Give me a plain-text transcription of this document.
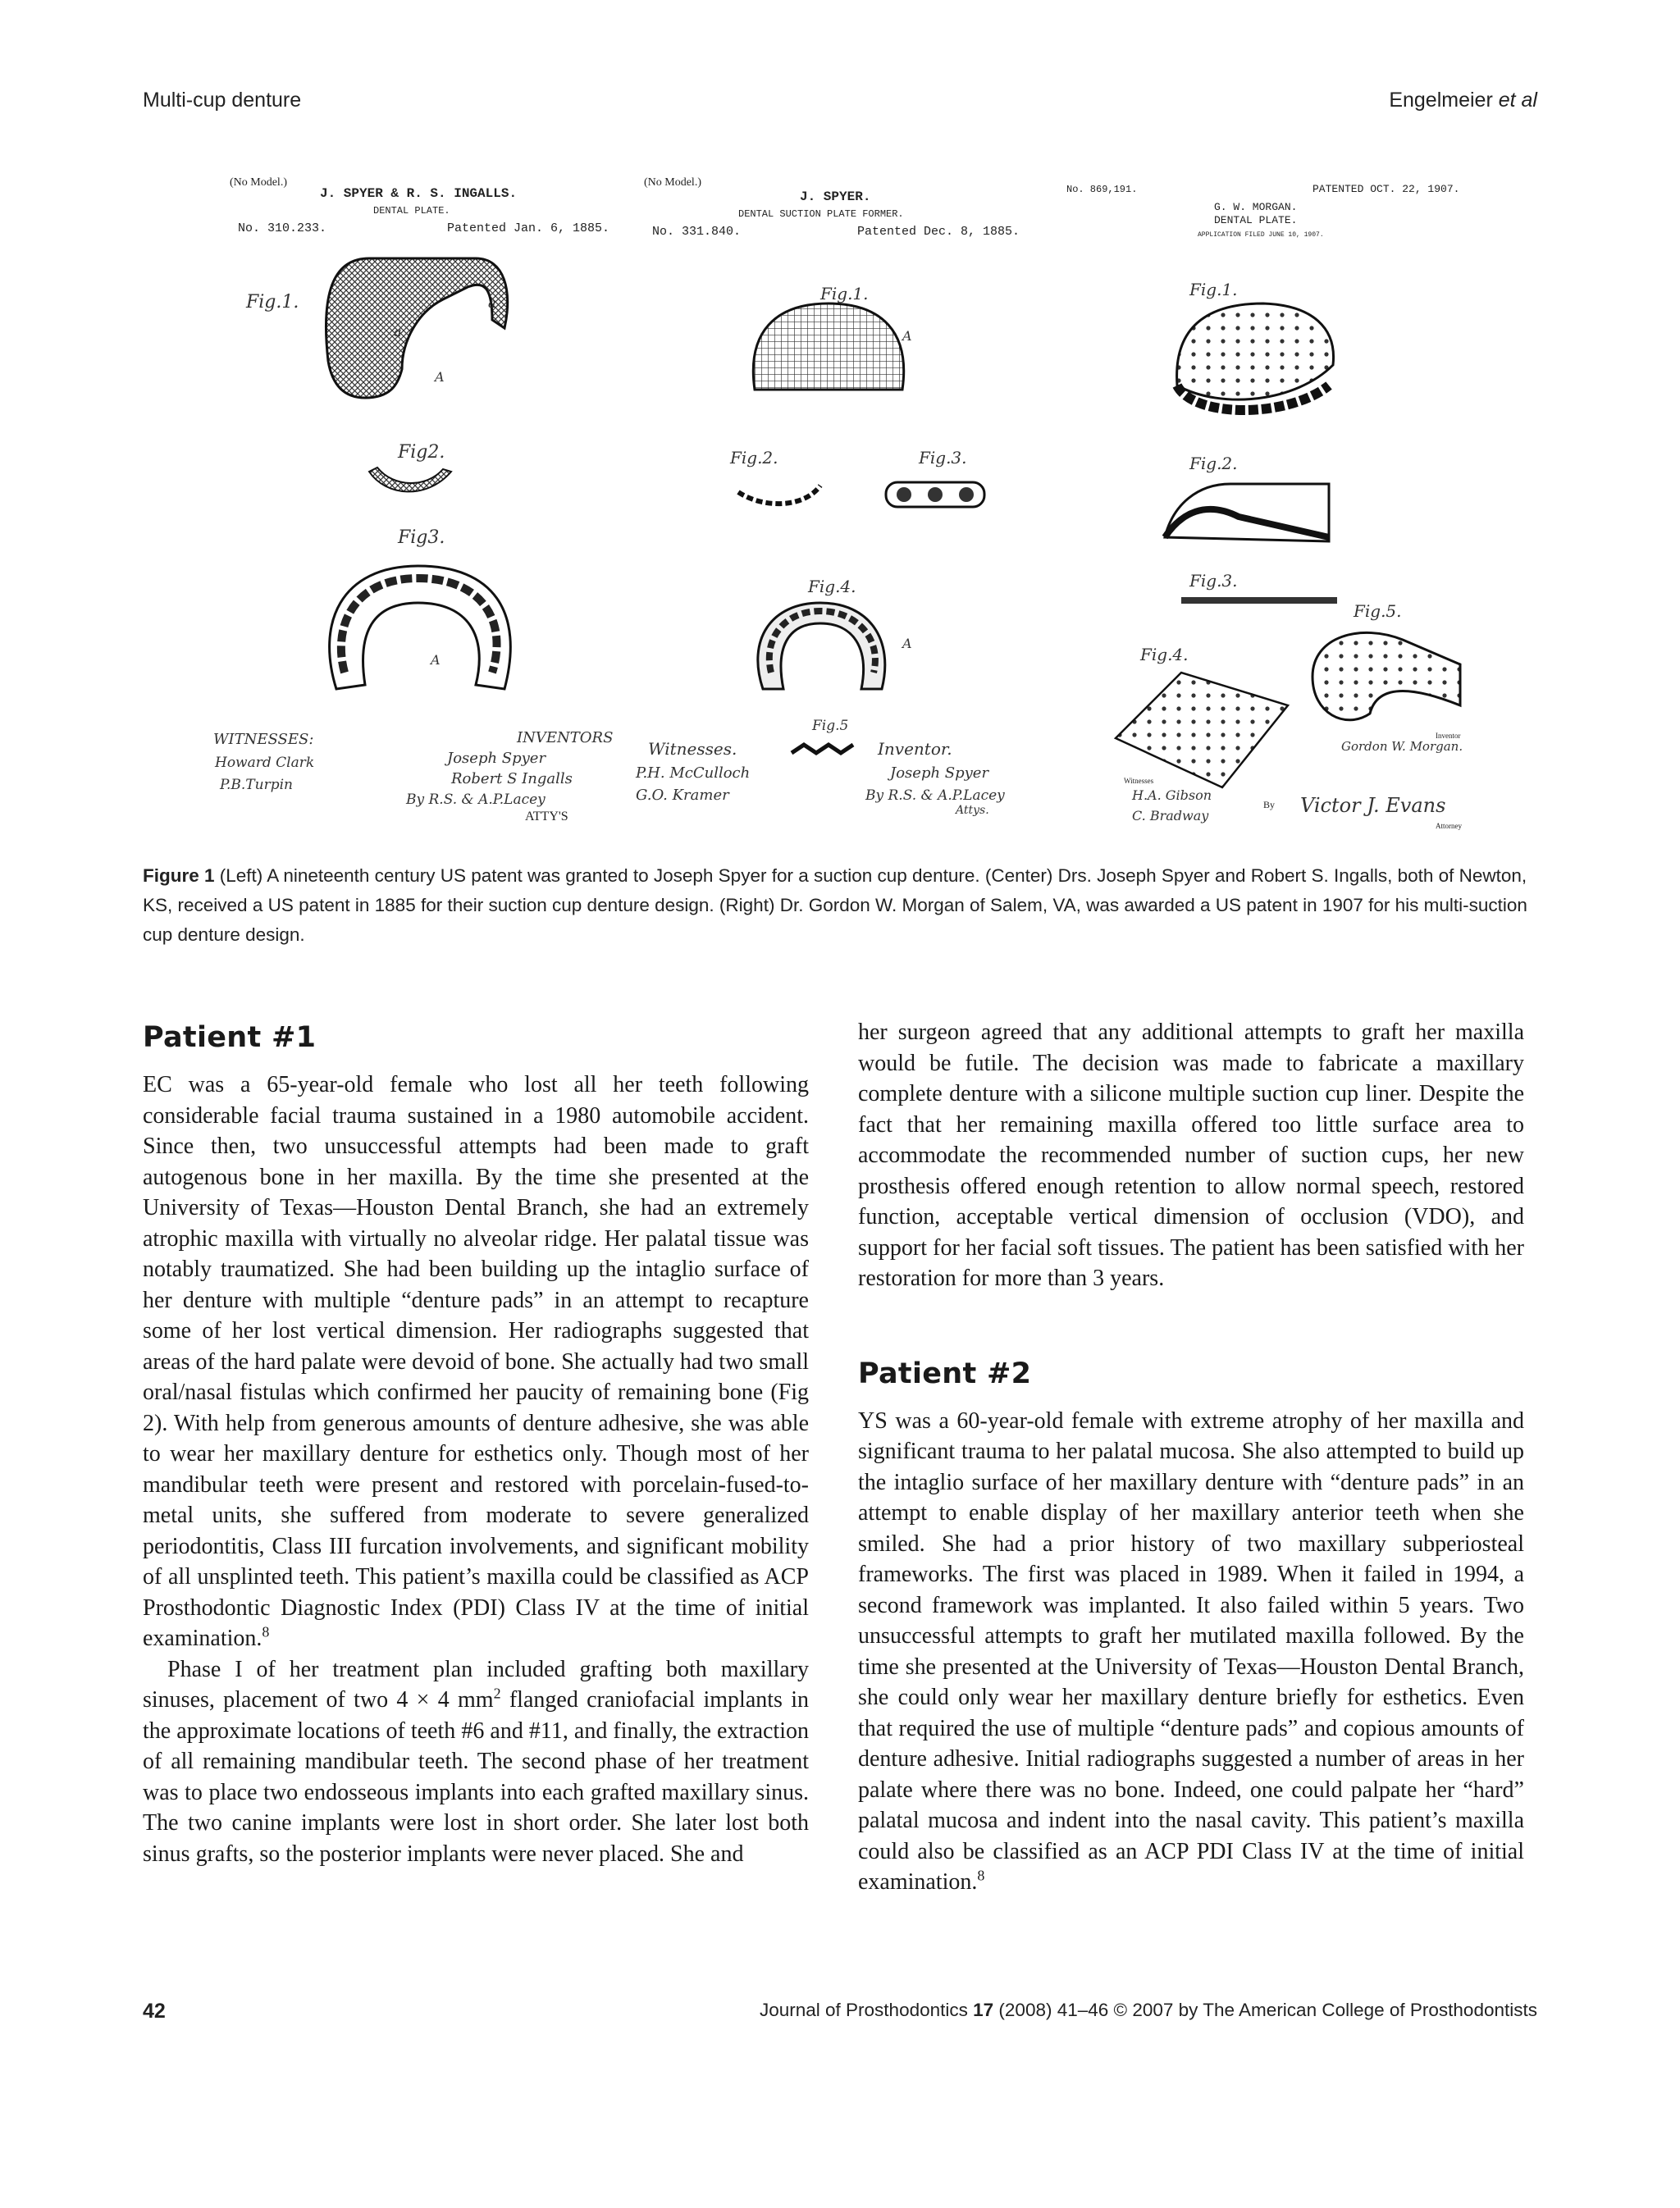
Multi-cup denture	Engelmeier et al
(No Model.)
J. SPYER & R. S. INGALLS.
DENTAL PLATE.
No. 310.233.	Patented Jan. 6, 1885.
Fig.1.
a
a
A
Fig2.
Fig3.
A
WITNESSES:
Howard Clark
P.B.Turpin
INVENTORS
Joseph Spyer
Robert S Ingalls
By R.S. & A.P.Lacey
ATTY'S
(No Model.)
J. SPYER.
DENTAL SUCTION PLATE FORMER.
No. 331.840.	Patented Dec. 8, 1885.
Fig.1.
A
Fig.2.	Fig.3.
Fig.4.
A
Fig.5
Witnesses.
P.H. McCulloch
G.O. Kramer
Inventor.
Joseph Spyer
By R.S. & A.P.Lacey
Attys.
No. 869,191.	PATENTED OCT. 22, 1907.
G. W. MORGAN.
DENTAL PLATE.
APPLICATION FILED JUNE 10, 1907.
Fig.1.
Fig.2.
Fig.3.
Fig.4.
Fig.5.
Inventor
Gordon W. Morgan.
Witnesses
H.A. Gibson
C. Bradway
By Victor J. Evans
Attorney
Figure 1 (Left) A nineteenth century US patent was granted to Joseph Spyer for a suction cup denture. (Center) Drs. Joseph Spyer and Robert S. Ingalls, both of Newton, KS, received a US patent in 1885 for their suction cup denture design. (Right) Dr. Gordon W. Morgan of Salem, VA, was awarded a US patent in 1907 for his multi-suction cup denture design.
Patient #1

EC was a 65-year-old female who lost all her teeth following considerable facial trauma sustained in a 1980 automobile accident. Since then, two unsuccessful attempts had been made to graft autogenous bone in her maxilla. By the time she presented at the University of Texas—Houston Dental Branch, she had an extremely atrophic maxilla with virtually no alveolar ridge. Her palatal tissue was notably traumatized. She had been building up the intaglio surface of her denture with multiple “denture pads” in an attempt to recapture some of her lost vertical dimension. Her radiographs suggested that areas of the hard palate were devoid of bone. She actually had two small oral/nasal fistulas which confirmed her paucity of remaining bone (Fig 2). With help from generous amounts of denture adhesive, she was able to wear her maxillary denture for esthetics only. Though most of her mandibular teeth were present and restored with porcelain-fused-to-metal units, she suffered from moderate to severe generalized periodontitis, Class III furcation involvements, and significant mobility of all unsplinted teeth. This patient’s maxilla could be classified as ACP Prosthodontic Diagnostic Index (PDI) Class IV at the time of initial examination.$^8$

Phase I of her treatment plan included grafting both maxillary sinuses, placement of two 4 × 4 $mm^2$ flanged craniofacial implants in the approximate locations of teeth #6 and #11, and finally, the extraction of all remaining mandibular teeth. The second phase of her treatment was to place two endosseous implants into each grafted maxillary sinus. The two canine implants were lost in short order. She later lost both sinus grafts, so the posterior implants were never placed. She and

her surgeon agreed that any additional attempts to graft her maxilla would be futile. The decision was made to fabricate a maxillary complete denture with a silicone multiple suction cup liner. Despite the fact that her remaining maxilla offered too little surface area to accommodate the recommended number of suction cups, her new prosthesis offered enough retention to allow normal speech, restored function, acceptable vertical dimension of occlusion (VDO), and support for her facial soft tissues. The patient has been satisfied with her restoration for more than 3 years.

Patient #2

YS was a 60-year-old female with extreme atrophy of her maxilla and significant trauma to her palatal mucosa. She also attempted to build up the intaglio surface of her maxillary denture with “denture pads” in an attempt to enable display of her maxillary anterior teeth when she smiled. She had a prior history of two maxillary subperiosteal frameworks. The first was placed in 1989. When it failed in 1994, a second framework was implanted. It also failed within 5 years. Two unsuccessful attempts to graft her mutilated maxilla followed. By the time she presented at the University of Texas—Houston Dental Branch, she could only wear her maxillary denture briefly for esthetics. Even that required the use of multiple “denture pads” and copious amounts of denture adhesive. Initial radiographs suggested a number of areas in her palate where there was no bone. Indeed, one could palpate her “hard” palatal mucosa and indent into the nasal cavity. This patient’s maxilla could also be classified as an ACP PDI Class IV at the time of initial examination.$^8$

42	Journal of Prosthodontics 17 (2008) 41–46 © 2007 by The American College of Prosthodontists
